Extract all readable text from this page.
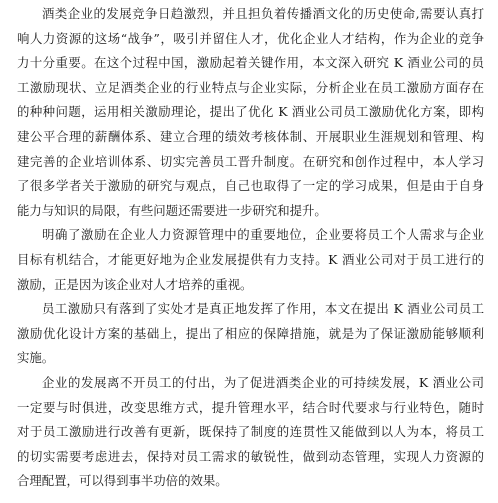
酒类企业的发展竞争日趋激烈，并且担负着传播酒文化的历史使命,需要认真打
响人力资源的这场“战争”，吸引并留住人才，优化企业人才结构，作为企业的竞争
力十分重要。在这个过程中国，激励起着关键作用，本文深入研究 K 酒业公司的员
工激励现状、立足酒类企业的行业特点与企业实际，分析企业在员工激励方面存在
的种种问题，运用相关激励理论，提出了优化 K 酒业公司员工激励优化方案，即构
建公平合理的薪酬体系、建立合理的绩效考核体制、开展职业生涯规划和管理、构
建完善的企业培训体系、切实完善员工晋升制度。在研究和创作过程中，本人学习
了很多学者关于激励的研究与观点，自己也取得了一定的学习成果，但是由于自身
能力与知识的局限，有些问题还需要进一步研究和提升。
明确了激励在企业人力资源管理中的重要地位，企业要将员工个人需求与企业
目标有机结合，才能更好地为企业发展提供有力支持。K 酒业公司对于员工进行的
激励，正是因为该企业对人才培养的重视。
员工激励只有落到了实处才是真正地发挥了作用，本文在提出 K 酒业公司员工
激励优化设计方案的基础上，提出了相应的保障措施，就是为了保证激励能够顺利
实施。
企业的发展离不开员工的付出，为了促进酒类企业的可持续发展，K 酒业公司
一定要与时俱进，改变思维方式，提升管理水平，结合时代要求与行业特色，随时
对于员工激励进行改善有更新，既保持了制度的连贯性又能做到以人为本，将员工
的切实需要考虑进去，保持对员工需求的敏锐性，做到动态管理，实现人力资源的
合理配置，可以得到事半功倍的效果。
